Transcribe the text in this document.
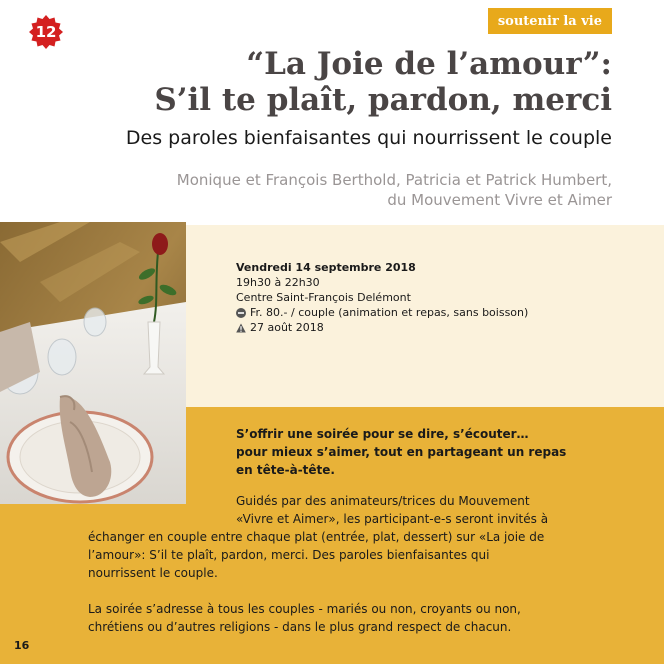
12
soutenir la vie
“La Joie de l’amour”:
S’il te plaît, pardon, merci

Des paroles bienfaisantes qui nourrissent le couple

Monique et François Berthold, Patricia et Patrick Humbert,
du Mouvement Vivre et Aimer

Vendredi 14 septembre 2018
19h30 à 22h30
Centre Saint-François Delémont
Fr. 80.- / couple (animation et repas, sans boisson)
27 août 2018

S’offrir une soirée pour se dire, s’écouter…
pour mieux s’aimer, tout en partageant un repas
en tête-à-tête.

Guidés par des animateurs/trices du Mouvement «Vivre et Aimer», les participant-e-s seront invités à

échanger en couple entre chaque plat (entrée, plat, dessert) sur «La joie de l’amour»: S’il te plaît, pardon, merci. Des paroles bienfaisantes qui nourrissent le couple.

La soirée s’adresse à tous les couples - mariés ou non, croyants ou non, chrétiens ou d’autres religions - dans le plus grand respect de chacun.

16
